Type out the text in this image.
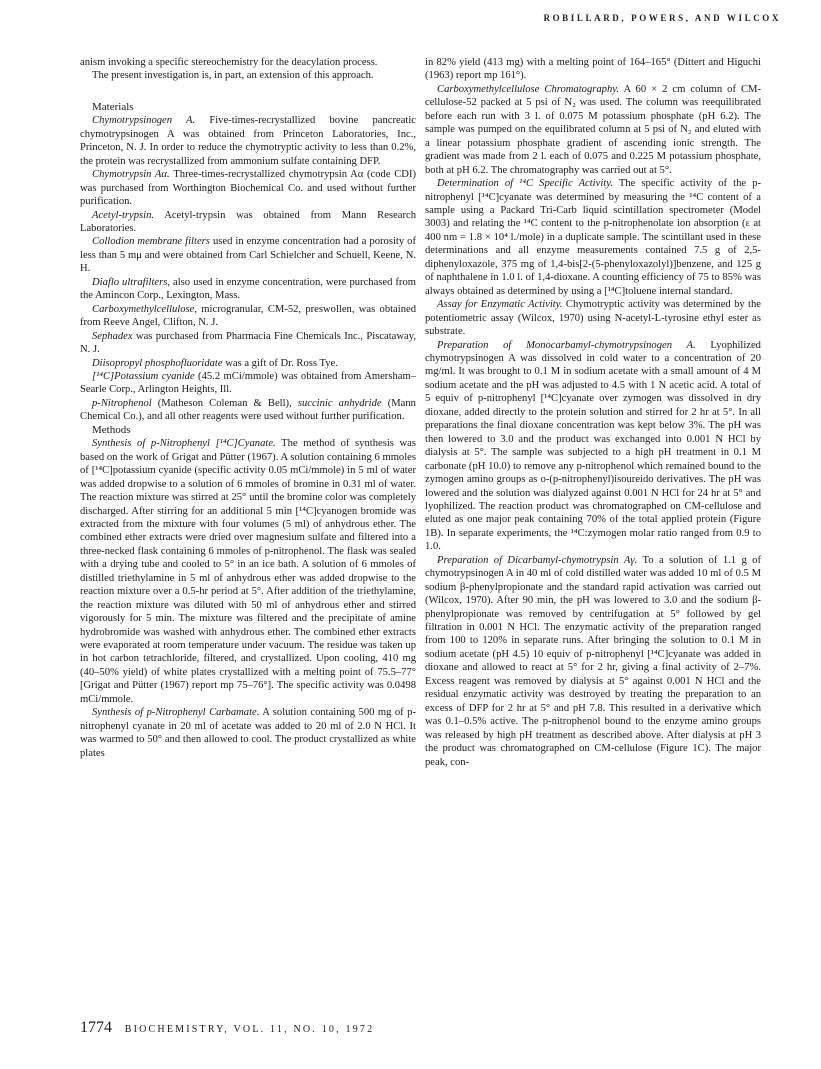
ROBILLARD, POWERS, AND WILCOX

anism invoking a specific stereochemistry for the deacylation process.

The present investigation is, in part, an extension of this approach.

Materials

Chymotrypsinogen A. Five-times-recrystallized bovine pancreatic chymotrypsinogen A was obtained from Princeton Laboratories, Inc., Princeton, N. J. In order to reduce the chymotryptic activity to less than 0.2%, the protein was recrystallized from ammonium sulfate containing DFP.

Chymotrypsin Aα. Three-times-recrystallized chymotrypsin Aα (code CDI) was purchased from Worthington Biochemical Co. and used without further purification.

Acetyl-trypsin. Acetyl-trypsin was obtained from Mann Research Laboratories.

Collodion membrane filters used in enzyme concentration had a porosity of less than 5 mμ and were obtained from Carl Schielcher and Schuell, Keene, N. H.

Diaflo ultrafilters, also used in enzyme concentration, were purchased from the Amincon Corp., Lexington, Mass.

Carboxymethylcellulose, microgranular, CM-52, preswollen, was obtained from Reeve Angel, Clifton, N. J.

Sephadex was purchased from Pharmacia Fine Chemicals Inc., Piscataway, N. J.

Diisopropyl phosphofluoridate was a gift of Dr. Ross Tye.

[¹⁴C]Potassium cyanide (45.2 mCi/mmole) was obtained from Amersham–Searle Corp., Arlington Heights, Ill.

p-Nitrophenol (Matheson Coleman & Bell), succinic anhydride (Mann Chemical Co.), and all other reagents were used without further purification.

Methods

Synthesis of p-Nitrophenyl [¹⁴C]Cyanate. The method of synthesis was based on the work of Grigat and Pütter (1967). A solution containing 6 mmoles of [¹⁴C]potassium cyanide (specific activity 0.05 mCi/mmole) in 5 ml of water was added dropwise to a solution of 6 mmoles of bromine in 0.31 ml of water. The reaction mixture was stirred at 25° until the bromine color was completely discharged. After stirring for an additional 5 min [¹⁴C]cyanogen bromide was extracted from the mixture with four volumes (5 ml) of anhydrous ether. The combined ether extracts were dried over magnesium sulfate and filtered into a three-necked flask containing 6 mmoles of p-nitrophenol. The flask was sealed with a drying tube and cooled to 5° in an ice bath. A solution of 6 mmoles of distilled triethylamine in 5 ml of anhydrous ether was added dropwise to the reaction mixture over a 0.5-hr period at 5°. After addition of the triethylamine, the reaction mixture was diluted with 50 ml of anhydrous ether and stirred vigorously for 5 min. The mixture was filtered and the precipitate of amine hydrobromide was washed with anhydrous ether. The combined ether extracts were evaporated at room temperature under vacuum. The residue was taken up in hot carbon tetrachloride, filtered, and crystallized. Upon cooling, 410 mg (40–50% yield) of white plates crystallized with a melting point of 75.5–77° [Grigat and Pütter (1967) report mp 75–76°]. The specific activity was 0.0498 mCi/mmole.

Synthesis of p-Nitrophenyl Carbamate. A solution containing 500 mg of p-nitrophenyl cyanate in 20 ml of acetate was added to 20 ml of 2.0 N HCl. It was warmed to 50° and then allowed to cool. The product crystallized as white plates

in 82% yield (413 mg) with a melting point of 164–165° (Dittert and Higuchi (1963) report mp 161°).

Carboxymethylcellulose Chromatography. A 60 × 2 cm column of CM-cellulose-52 packed at 5 psi of N₂ was used. The column was reequilibrated before each run with 3 l. of 0.075 M potassium phosphate (pH 6.2). The sample was pumped on the equilibrated column at 5 psi of N₂ and eluted with a linear potassium phosphate gradient of ascending ionic strength. The gradient was made from 2 l. each of 0.075 and 0.225 M potassium phosphate, both at pH 6.2. The chromatography was carried out at 5°.

Determination of ¹⁴C Specific Activity. The specific activity of the p-nitrophenyl [¹⁴C]cyanate was determined by measuring the ¹⁴C content of a sample using a Packard Tri-Carb liquid scintillation spectrometer (Model 3003) and relating the ¹⁴C content to the p-nitrophenolate ion absorption (ε at 400 nm = 1.8 × 10⁴ l./mole) in a duplicate sample. The scintillant used in these determinations and all enzyme measurements contained 7.5 g of 2,5-diphenyloxazole, 375 mg of 1,4-bis[2-(5-phenyloxazolyl)]benzene, and 125 g of naphthalene in 1.0 l. of 1,4-dioxane. A counting efficiency of 75 to 85% was always obtained as determined by using a [¹⁴C]toluene internal standard.

Assay for Enzymatic Activity. Chymotryptic activity was determined by the potentiometric assay (Wilcox, 1970) using N-acetyl-L-tyrosine ethyl ester as substrate.

Preparation of Monocarbamyl-chymotrypsinogen A. Lyophilized chymotrypsinogen A was dissolved in cold water to a concentration of 20 mg/ml. It was brought to 0.1 M in sodium acetate with a small amount of 4 M sodium acetate and the pH was adjusted to 4.5 with 1 N acetic acid. A total of 5 equiv of p-nitrophenyl [¹⁴C]cyanate over zymogen was dissolved in dry dioxane, added directly to the protein solution and stirred for 2 hr at 5°. In all preparations the final dioxane concentration was kept below 3%. The pH was then lowered to 3.0 and the product was exchanged into 0.001 N HCl by dialysis at 5°. The sample was subjected to a high pH treatment in 0.1 M carbonate (pH 10.0) to remove any p-nitrophenol which remained bound to the zymogen amino groups as o-(p-nitrophenyl)isoureido derivatives. The pH was lowered and the solution was dialyzed against 0.001 N HCl for 24 hr at 5° and lyophilized. The reaction product was chromatographed on CM-cellulose and eluted as one major peak containing 70% of the total applied protein (Figure 1B). In separate experiments, the ¹⁴C:zymogen molar ratio ranged from 0.9 to 1.0.

Preparation of Dicarbamyl-chymotrypsin Aγ. To a solution of 1.1 g of chymotrypsinogen A in 40 ml of cold distilled water was added 10 ml of 0.5 M sodium β-phenylpropionate and the standard rapid activation was carried out (Wilcox, 1970). After 90 min, the pH was lowered to 3.0 and the sodium β-phenylpropionate was removed by centrifugation at 5° followed by gel filtration in 0.001 N HCl. The enzymatic activity of the preparation ranged from 100 to 120% in separate runs. After bringing the solution to 0.1 M in sodium acetate (pH 4.5) 10 equiv of p-nitrophenyl [¹⁴C]cyanate was added in dioxane and allowed to react at 5° for 2 hr, giving a final activity of 2–7%. Excess reagent was removed by dialysis at 5° against 0.001 N HCl and the residual enzymatic activity was destroyed by treating the preparation to an excess of DFP for 2 hr at 5° and pH 7.8. This resulted in a derivative which was 0.1–0.5% active. The p-nitrophenol bound to the enzyme amino groups was released by high pH treatment as described above. After dialysis at pH 3 the product was chromatographed on CM-cellulose (Figure 1C). The major peak, con-

1774 BIOCHEMISTRY, VOL. 11, NO. 10, 1972
